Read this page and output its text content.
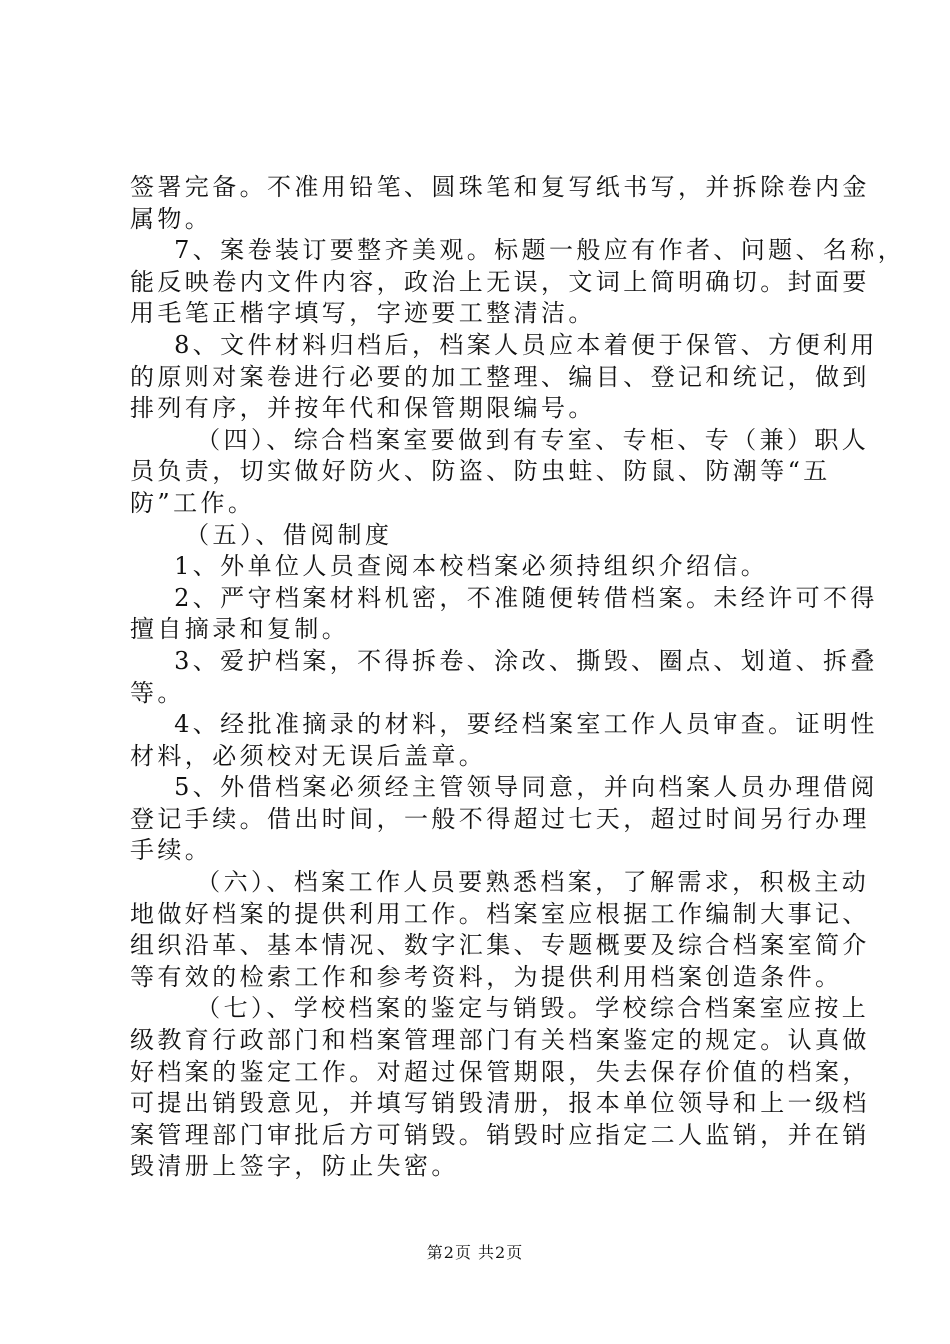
签署完备。不准用铅笔、圆珠笔和复写纸书写，并拆除卷内金
属物。
7、案卷装订要整齐美观。标题一般应有作者、问题、名称，
能反映卷内文件内容，政治上无误，文词上简明确切。封面要
用毛笔正楷字填写，字迹要工整清洁。
8、文件材料归档后，档案人员应本着便于保管、方便利用
的原则对案卷进行必要的加工整理、编目、登记和统记，做到
排列有序，并按年代和保管期限编号。
（四）、综合档案室要做到有专室、专柜、专（兼）职人
员负责，切实做好防火、防盗、防虫蛀、防鼠、防潮等“五
防”工作。
（五）、借阅制度
1、外单位人员查阅本校档案必须持组织介绍信。
2、严守档案材料机密，不准随便转借档案。未经许可不得
擅自摘录和复制。
3、爱护档案，不得拆卷、涂改、撕毁、圈点、划道、拆叠
等。
4、经批准摘录的材料，要经档案室工作人员审查。证明性
材料，必须校对无误后盖章。
5、外借档案必须经主管领导同意，并向档案人员办理借阅
登记手续。借出时间，一般不得超过七天，超过时间另行办理
手续。
（六）、档案工作人员要熟悉档案，了解需求，积极主动
地做好档案的提供利用工作。档案室应根据工作编制大事记、
组织沿革、基本情况、数字汇集、专题概要及综合档案室简介
等有效的检索工作和参考资料，为提供利用档案创造条件。
（七）、学校档案的鉴定与销毁。学校综合档案室应按上
级教育行政部门和档案管理部门有关档案鉴定的规定。认真做
好档案的鉴定工作。对超过保管期限，失去保存价值的档案，
可提出销毁意见，并填写销毁清册，报本单位领导和上一级档
案管理部门审批后方可销毁。销毁时应指定二人监销，并在销
毁清册上签字，防止失密。
第2页 共2页
